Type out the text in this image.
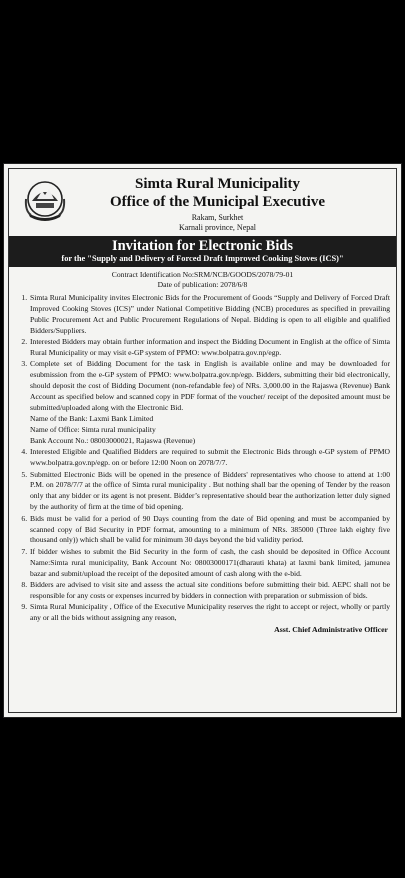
Simta Rural Municipality
Office of the Municipal Executive
Rakam, Surkhet
Karnali province, Nepal
Invitation for Electronic Bids
for the "Supply and Delivery of Forced Draft Improved Cooking Stoves (ICS)"
Contract Identification No:SRM/NCB/GOODS/2078/79-01
Date of publication: 2078/6/8
1. Simta Rural Municipality invites Electronic Bids for the Procurement of Goods “Supply and Delivery of Forced Draft Improved Cooking Stoves (ICS)” under National Competitive Bidding (NCB) procedures as specified in prevailing Public Procurement Act and Public Procurement Regulations of Nepal. Bidding is open to all eligible and qualified Bidders/Suppliers.
2. Interested Bidders may obtain further information and inspect the Bidding Document in English at the office of Simta Rural Municipality or may visit e-GP system of PPMO: www.bolpatra.gov.np/egp.
3. Complete set of Bidding Document for the task in English is available online and may be downloaded for esubmission from the e-GP system of PPMO: www.bolpatra.gov.np/egp. Bidders, submitting their bid electronically, should deposit the cost of Bidding Document (non-refandable fee) of NRs. 3,000.00 in the Rajaswa (Revenue) Bank Account as specified below and scanned copy in PDF format of the voucher/ receipt of the deposited amount must be submitted/uploaded along with the Electronic Bid.
Name of the Bank: Laxmi Bank Limited
Name of Office: Simta rural municipality
Bank Account No.: 08003000021, Rajaswa (Revenue)
4. Interested Eligible and Qualified Bidders are required to submit the Electronic Bids through e-GP system of PPMO www.bolpatra.gov.np/egp. on or before 12:00 Noon on 2078/7/7.
5. Submitted Electronic Bids will be opened in the presence of Bidders' representatives who choose to attend at 1:00 P.M. on 2078/7/7 at the office of Simta rural municipality . But nothing shall bar the opening of Tender by the reason only that any bidder or its agent is not present. Bidder’s representative should bear the authorization letter duly signed by the authority of firm at the time of bid opening.
6. Bids must be valid for a period of 90 Days counting from the date of Bid opening and must be accompanied by scanned copy of Bid Security in PDF format, amounting to a minimum of NRs. 385000 (Three lakh eighty five thousand only)) which shall be valid for minimum 30 days beyond the bid validity period.
7. If bidder wishes to submit the Bid Security in the form of cash, the cash should be deposited in Office Account Name:Simta rural municipality, Bank Account No: 08003000171(dharauti khata) at laxmi bank limited, jamunea bazar and submit/upload the receipt of the deposited amount of cash along with the e-bid.
8. Bidders are advised to visit site and assess the actual site conditions before submitting their bid. AEPC shall not be responsible for any costs or expenses incurred by bidders in connection with preparation or submission of bids.
9. Simta Rural Municipality , Office of the Executive Municipality reserves the right to accept or reject, wholly or partly any or all the bids without assigning any reason,
Asst. Chief Administrative Officer
